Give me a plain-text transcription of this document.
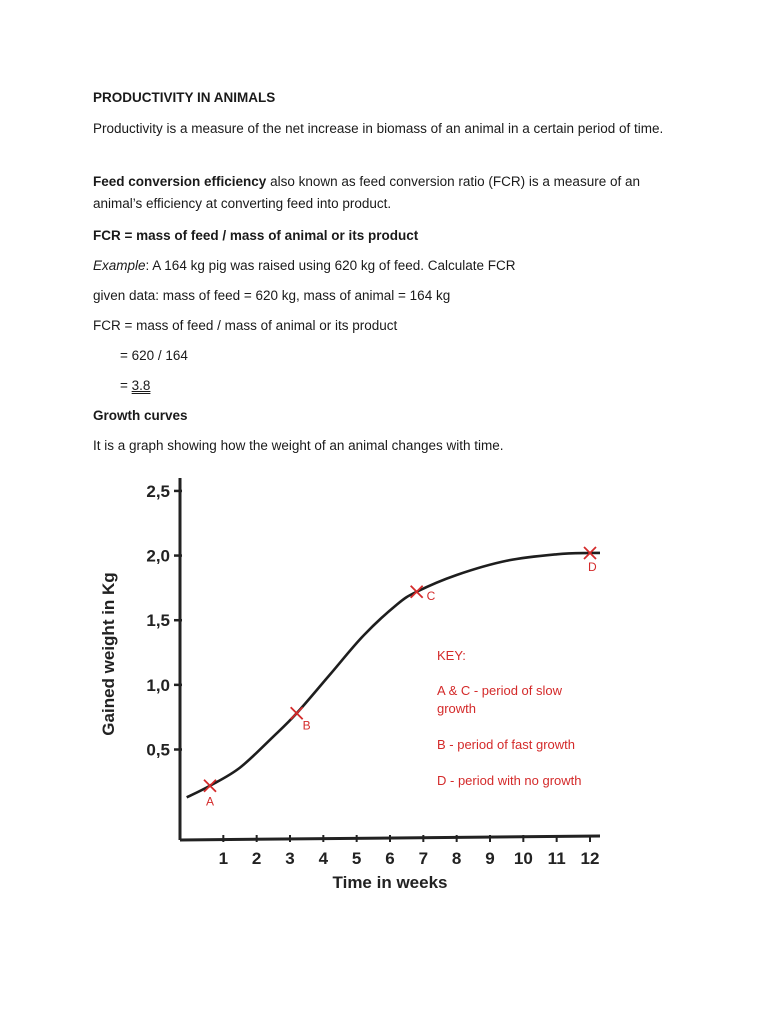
PRODUCTIVITY IN ANIMALS
Productivity is a measure of the net increase in biomass of an animal in a certain period of time.
Feed conversion efficiency also known as feed conversion ratio (FCR) is a measure of an animal’s efficiency at converting feed into product.
FCR = mass of feed / mass of animal or its product
Example: A 164 kg pig was raised using 620 kg of feed. Calculate FCR
given data: mass of feed = 620 kg, mass of animal = 164 kg
FCR = mass of feed / mass of animal or its product
= 620 / 164
= 3.8
Growth curves
It is a graph showing how the weight of an animal changes with time.
0,5
1,0
1,5
2,0
2,5
1 2 3 4 5 6 7 8 9 10 11 12
Time in weeks
Gained weight in Kg
A
B
C
D
KEY:
A & C - period of slow
growth
B - period of fast growth
D - period with no growth
